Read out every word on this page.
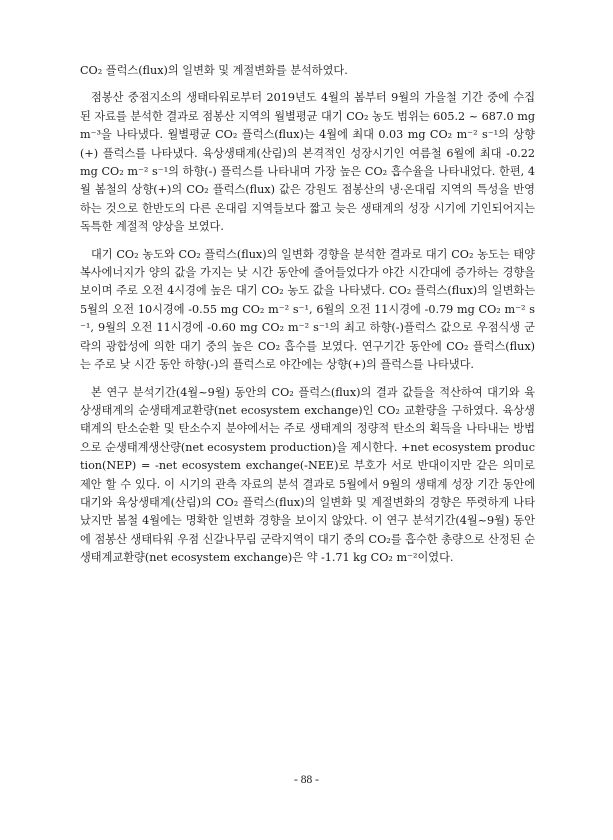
CO₂ 플럭스(flux)의 일변화 및 계절변화를 분석하였다.

점봉산 중점지소의 생태타워로부터 2019년도 4월의 봄부터 9월의 가을철 기간 중에 수집된 자료를 분석한 결과로 점봉산 지역의 월별평균 대기 CO₂ 농도 범위는 605.2 ~ 687.0 mg m⁻³을 나타냈다. 월별평균 CO₂ 플럭스(flux)는 4월에 최대 0.03 mg CO₂ m⁻² s⁻¹의 상향(+) 플럭스를 나타냈다. 육상생태계(산림)의 본격적인 성장시기인 여름철 6월에 최대 -0.22 mg CO₂ m⁻² s⁻¹의 하향(-) 플럭스를 나타내며 가장 높은 CO₂ 흡수율을 나타내었다. 한편, 4월 봄철의 상향(+)의 CO₂ 플럭스(flux) 값은 강원도 점봉산의 냉·온대림 지역의 특성을 반영하는 것으로 한반도의 다른 온대림 지역들보다 짧고 늦은 생태계의 성장 시기에 기인되어지는 독특한 계절적 양상을 보였다.

대기 CO₂ 농도와 CO₂ 플럭스(flux)의 일변화 경향을 분석한 결과로 대기 CO₂ 농도는 태양 복사에너지가 양의 값을 가지는 낮 시간 동안에 줄어들었다가 야간 시간대에 증가하는 경향을 보이며 주로 오전 4시경에 높은 대기 CO₂ 농도 값을 나타냈다. CO₂ 플럭스(flux)의 일변화는 5월의 오전 10시경에 -0.55 mg CO₂ m⁻² s⁻¹, 6월의 오전 11시경에 -0.79 mg CO₂ m⁻² s⁻¹, 9월의 오전 11시경에 -0.60 mg CO₂ m⁻² s⁻¹의 최고 하향(-)플럭스 값으로 우점식생 군락의 광합성에 의한 대기 중의 높은 CO₂ 흡수를 보였다. 연구기간 동안에 CO₂ 플럭스(flux)는 주로 낮 시간 동안 하향(-)의 플럭스로 야간에는 상향(+)의 플럭스를 나타냈다.

본 연구 분석기간(4월~9월) 동안의 CO₂ 플럭스(flux)의 결과 값들을 적산하여 대기와 육상생태계의 순생태계교환량(net ecosystem exchange)인 CO₂ 교환량을 구하였다. 육상생태계의 탄소순환 및 탄소수지 분야에서는 주로 생태계의 정량적 탄소의 획득을 나타내는 방법으로 순생태계생산량(net ecosystem production)을 제시한다. +net ecosystem production(NEP) = -net ecosystem exchange(-NEE)로 부호가 서로 반대이지만 같은 의미로 제안 할 수 있다. 이 시기의 관측 자료의 분석 결과로 5월에서 9월의 생태계 성장 기간 동안에 대기와 육상생태계(산림)의 CO₂ 플럭스(flux)의 일변화 및 계절변화의 경향은 뚜렷하게 나타났지만 봄철 4월에는 명확한 일변화 경향을 보이지 않았다. 이 연구 분석기간(4월~9월) 동안에 점봉산 생태타워 우점 신갈나무림 군락지역이 대기 중의 CO₂를 흡수한 총량으로 산정된 순생태계교환량(net ecosystem exchange)은 약 -1.71 kg CO₂ m⁻²이였다.

- 88 -
